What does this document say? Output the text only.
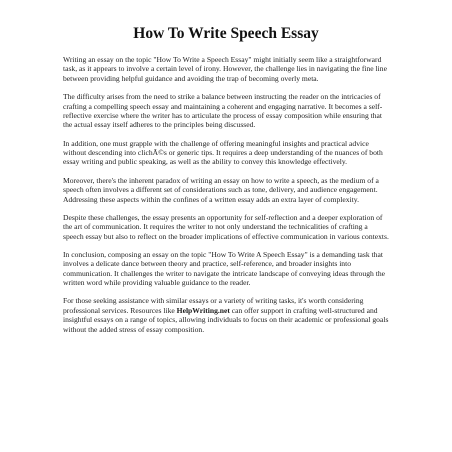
How To Write Speech Essay

Writing an essay on the topic "How To Write a Speech Essay" might initially seem like a straightforward task, as it appears to involve a certain level of irony. However, the challenge lies in navigating the fine line between providing helpful guidance and avoiding the trap of becoming overly meta.

The difficulty arises from the need to strike a balance between instructing the reader on the intricacies of crafting a compelling speech essay and maintaining a coherent and engaging narrative. It becomes a self-reflective exercise where the writer has to articulate the process of essay composition while ensuring that the actual essay itself adheres to the principles being discussed.

In addition, one must grapple with the challenge of offering meaningful insights and practical advice without descending into clichÃ©s or generic tips. It requires a deep understanding of the nuances of both essay writing and public speaking, as well as the ability to convey this knowledge effectively.

Moreover, there's the inherent paradox of writing an essay on how to write a speech, as the medium of a speech often involves a different set of considerations such as tone, delivery, and audience engagement. Addressing these aspects within the confines of a written essay adds an extra layer of complexity.

Despite these challenges, the essay presents an opportunity for self-reflection and a deeper exploration of the art of communication. It requires the writer to not only understand the technicalities of crafting a speech essay but also to reflect on the broader implications of effective communication in various contexts.

In conclusion, composing an essay on the topic "How To Write A Speech Essay" is a demanding task that involves a delicate dance between theory and practice, self-reference, and broader insights into communication. It challenges the writer to navigate the intricate landscape of conveying ideas through the written word while providing valuable guidance to the reader.

For those seeking assistance with similar essays or a variety of writing tasks, it's worth considering professional services. Resources like HelpWriting.net can offer support in crafting well-structured and insightful essays on a range of topics, allowing individuals to focus on their academic or professional goals without the added stress of essay composition.
